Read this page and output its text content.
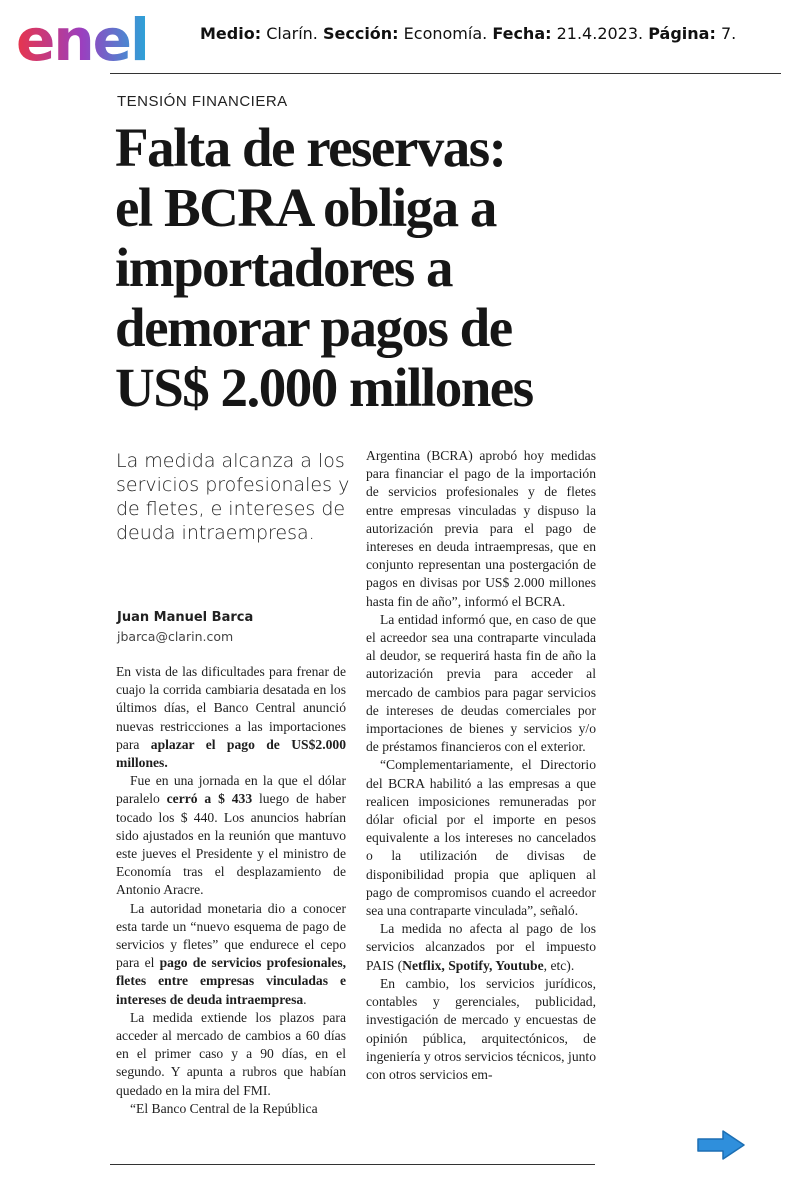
enel	Medio: Clarín. Sección: Economía. Fecha: 21.4.2023. Página: 7.
TENSIÓN FINANCIERA
Falta de reservas:
el BCRA obliga a
importadores a
demorar pagos de
US$ 2.000 millones

La medida alcanza a los servicios profesionales y de fletes, e intereses de deuda intraempresa.

Juan Manuel Barca
jbarca@clarin.com

En vista de las dificultades para frenar de cuajo la corrida cambiaria desatada en los últimos días, el Banco Central anunció nuevas restricciones a las importaciones para aplazar el pago de US$2.000 millones.

Fue en una jornada en la que el dólar paralelo cerró a $ 433 luego de haber tocado los $ 440. Los anuncios habrían sido ajustados en la reunión que mantuvo este jueves el Presidente y el ministro de Economía tras el desplazamiento de Antonio Aracre.

La autoridad monetaria dio a conocer esta tarde un “nuevo esquema de pago de servicios y fletes” que endurece el cepo para el pago de servicios profesionales, fletes entre empresas vinculadas e intereses de deuda intraempresa.

La medida extiende los plazos para acceder al mercado de cambios a 60 días en el primer caso y a 90 días, en el segundo. Y apunta a rubros que habían quedado en la mira del FMI.

“El Banco Central de la República

Argentina (BCRA) aprobó hoy medidas para financiar el pago de la importación de servicios profesionales y de fletes entre empresas vinculadas y dispuso la autorización previa para el pago de intereses en deuda intraempresas, que en conjunto representan una postergación de pagos en divisas por US$ 2.000 millones hasta fin de año”, informó el BCRA.

La entidad informó que, en caso de que el acreedor sea una contraparte vinculada al deudor, se requerirá hasta fin de año la autorización previa para acceder al mercado de cambios para pagar servicios de intereses de deudas comerciales por importaciones de bienes y servicios y/o de préstamos financieros con el exterior.

“Complementariamente, el Directorio del BCRA habilitó a las empresas a que realicen imposiciones remuneradas por dólar oficial por el importe en pesos equivalente a los intereses no cancelados o la utilización de divisas de disponibilidad propia que apliquen al pago de compromisos cuando el acreedor sea una contraparte vinculada”, señaló.

La medida no afecta al pago de los servicios alcanzados por el impuesto PAIS (Netflix, Spotify, Youtube, etc).

En cambio, los servicios jurídicos, contables y gerenciales, publicidad, investigación de mercado y encuestas de opinión pública, arquitectónicos, de ingeniería y otros servicios técnicos, junto con otros servicios em-
